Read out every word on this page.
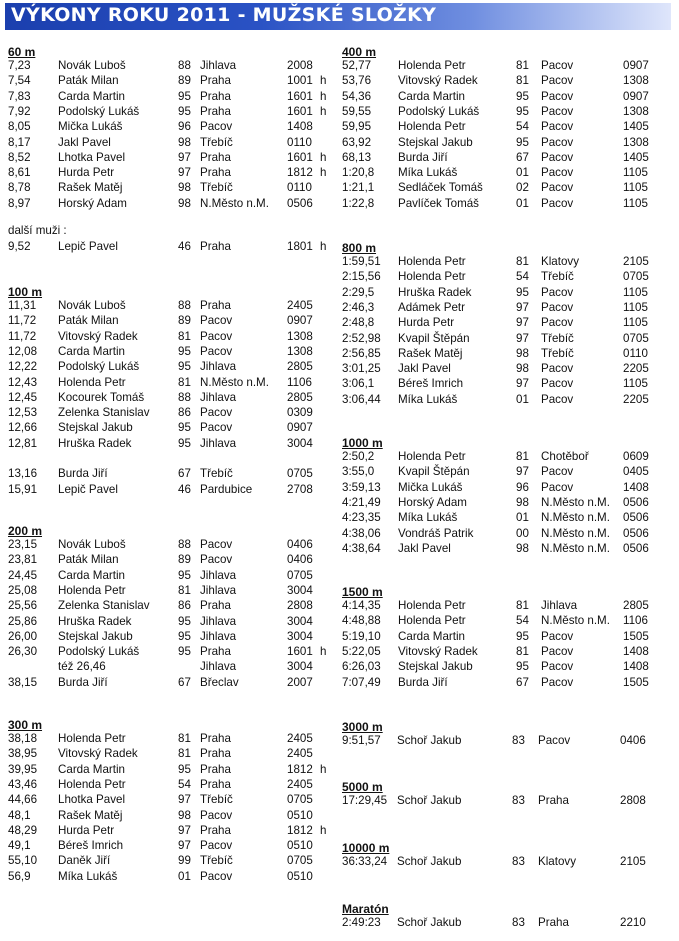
VÝKONY ROKU 2011 - MUŽSKÉ SLOŽKY
60 m
7,23 Novák Luboš	88 Jihlava	2008
7,54 Paták Milan	89 Praha	1001 h
7,83 Carda Martin	95 Praha	1601 h
7,92 Podolský Lukáš	95 Praha	1601 h
8,05 Mička Lukáš	96 Pacov	1408
8,17 Jakl Pavel	98 Třebíč	0110
8,52 Lhotka Pavel	97 Praha	1601 h
8,61 Hurda Petr	97 Praha	1812 h
8,78 Rašek Matěj	98 Třebíč	0110
8,97 Horský Adam	98 N.Město n.M. 0506
další muži :
9,52 Lepič Pavel	46 Praha	1801 h
100 m
11,31 Novák Luboš	88 Praha	2405
11,72 Paták Milan	89 Pacov	0907
11,72 Vitovský Radek	81 Pacov	1308
12,08 Carda Martin	95 Pacov	1308
12,22 Podolský Lukáš	95 Jihlava	2805
12,43 Holenda Petr	81 N.Město n.M. 1106
12,45 Kocourek Tomáš	88 Jihlava	2805
12,53 Zelenka Stanislav 86 Pacov	0309
12,66 Stejskal Jakub	95 Pacov	0907
12,81 Hruška Radek	95 Jihlava	3004
13,16 Burda Jiří	67 Třebíč	0705
15,91 Lepič Pavel	46 Pardubice	2708
200 m
23,15 Novák Luboš	88 Pacov	0406
23,81 Paták Milan	89 Pacov	0406
24,45 Carda Martin	95 Jihlava	0705
25,08 Holenda Petr	81 Jihlava	3004
25,56 Zelenka Stanislav 86 Praha	2808
25,86 Hruška Radek	95 Jihlava	3004
26,00 Stejskal Jakub	95 Jihlava	3004
26,30 Podolský Lukáš	95 Praha	1601 h
též 26,46	Jihlava	3004
38,15 Burda Jiří	67 Břeclav	2007
300 m
38,18 Holenda Petr	81 Praha	2405
38,95 Vitovský Radek	81 Praha	2405
39,95 Carda Martin	95 Praha	1812 h
43,46 Holenda Petr	54 Praha	2405
44,66 Lhotka Pavel	97 Třebíč	0705
48,1 Rašek Matěj	98 Pacov	0510
48,29 Hurda Petr	97 Praha	1812 h
49,1 Béreš Imrich	97 Pacov	0510
55,10 Daněk Jiří	99 Třebíč	0705
56,9 Míka Lukáš	01 Pacov	0510
400 m
52,77 Holenda Petr	81 Pacov	0907
53,76 Vitovský Radek	81 Pacov	1308
54,36 Carda Martin	95 Pacov	0907
59,55 Podolský Lukáš	95 Pacov	1308
59,95 Holenda Petr	54 Pacov	1405
63,92 Stejskal Jakub	95 Pacov	1308
68,13 Burda Jiří	67 Pacov	1405
1:20,8 Míka Lukáš	01 Pacov	1105
1:21,1 Sedláček Tomáš	02 Pacov	1105
1:22,8 Pavlíček Tomáš	01 Pacov	1105
800 m
1:59,51 Holenda Petr	81 Klatovy	2105
2:15,56 Holenda Petr	54 Třebíč	0705
2:29,5 Hruška Radek	95 Pacov	1105
2:46,3 Adámek Petr	97 Pacov	1105
2:48,8 Hurda Petr	97 Pacov	1105
2:52,98 Kvapil Štěpán	97 Třebíč	0705
2:56,85 Rašek Matěj	98 Třebíč	0110
3:01,25 Jakl Pavel	98 Pacov	2205
3:06,1 Béreš Imrich	97 Pacov	1105
3:06,44 Míka Lukáš	01 Pacov	2205
1000 m
2:50,2 Holenda Petr	81 Chotěboř	0609
3:55,0 Kvapil Štěpán	97 Pacov	0405
3:59,13 Mička Lukáš	96 Pacov	1408
4:21,49 Horský Adam	98 N.Město n.M. 0506
4:23,35 Míka Lukáš	01 N.Město n.M. 0506
4:38,06 Vondráš Patrik	00 N.Město n.M. 0506
4:38,64 Jakl Pavel	98 N.Město n.M. 0506
1500 m
4:14,35 Holenda Petr	81 Jihlava	2805
4:48,88 Holenda Petr	54 N.Město n.M. 1106
5:19,10 Carda Martin	95 Pacov	1505
5:22,05 Vitovský Radek	81 Pacov	1408
6:26,03 Stejskal Jakub	95 Pacov	1408
7:07,49 Burda Jiří	67 Pacov	1505
3000 m
9:51,57 Schoř Jakub	83 Pacov	0406
5000 m
17:29,45 Schoř Jakub	83 Praha	2808
10000 m
36:33,24 Schoř Jakub	83 Klatovy	2105
Maratón
2:49:23 Schoř Jakub	83 Praha	2210
